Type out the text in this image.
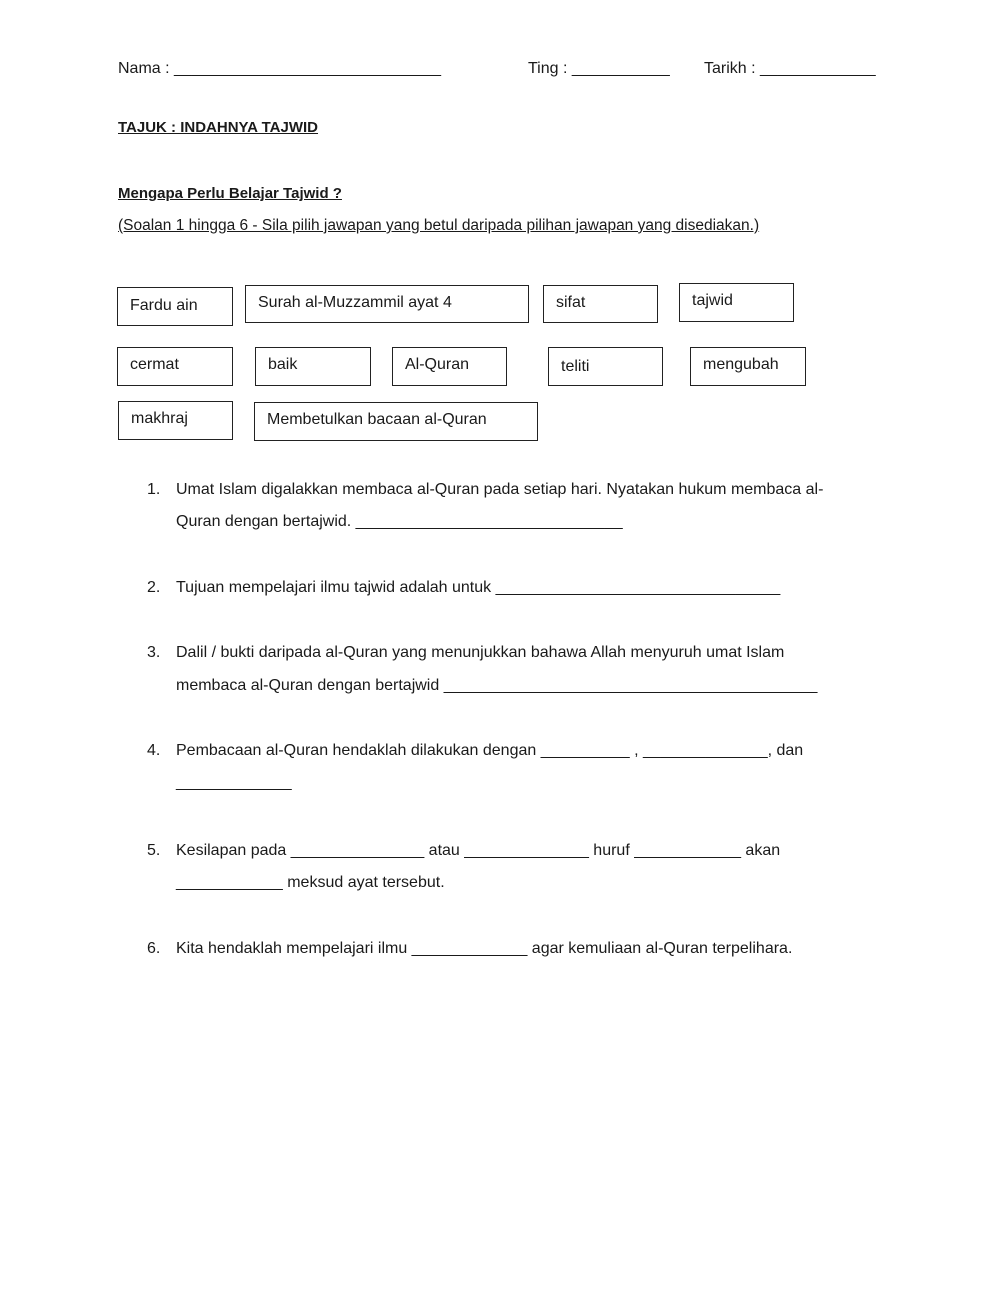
Nama : ______________________________	Ting : ___________ Tarikh : _____________
TAJUK : INDAHNYA TAJWID
Mengapa Perlu Belajar Tajwid ?
(Soalan 1 hingga 6 - Sila pilih jawapan yang betul daripada pilihan jawapan yang disediakan.)
Fardu ain	Surah al-Muzzammil ayat 4	sifat	tajwid
cermat	baik	Al-Quran	teliti	mengubah
makhraj	Membetulkan bacaan al-Quran
1. Umat Islam digalakkan membaca al-Quran pada setiap hari. Nyatakan hukum membaca al-
Quran dengan bertajwid. ______________________________
2. Tujuan mempelajari ilmu tajwid adalah untuk ________________________________
3. Dalil / bukti daripada al-Quran yang menunjukkan bahawa Allah menyuruh umat Islam
membaca al-Quran dengan bertajwid __________________________________________
4. Pembacaan al-Quran hendaklah dilakukan dengan __________ , ______________, dan
_____________
5. Kesilapan pada _______________ atau ______________ huruf ____________ akan
____________ meksud ayat tersebut.
6. Kita hendaklah mempelajari ilmu _____________ agar kemuliaan al-Quran terpelihara.
